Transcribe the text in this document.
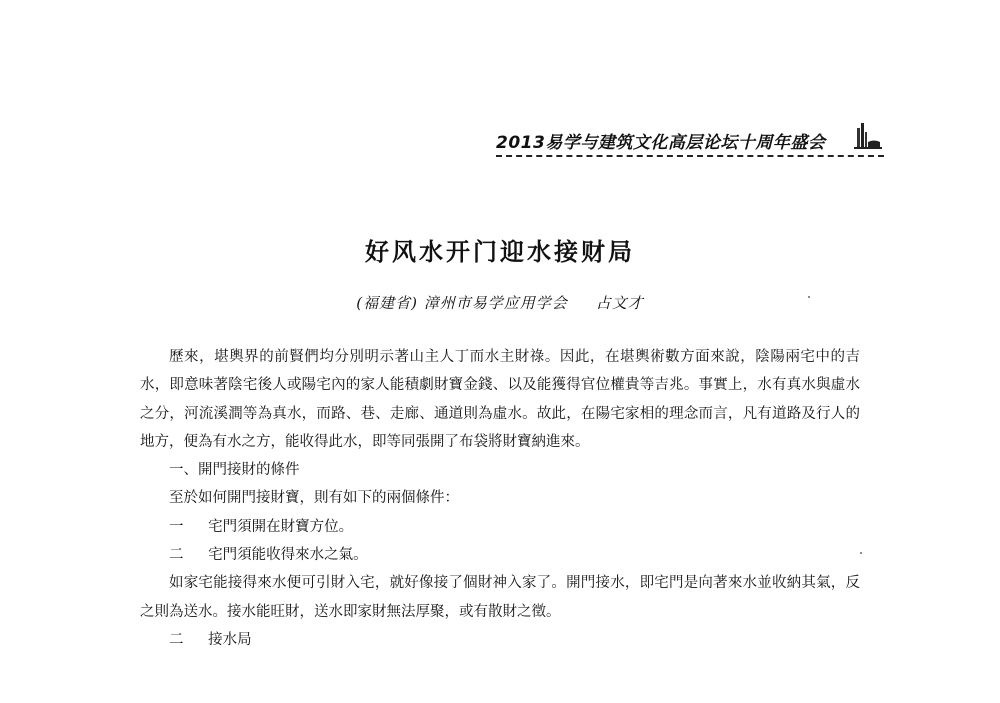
2013易学与建筑文化高层论坛十周年盛会
好风水开门迎水接财局
(福建省) 漳州市易学应用学会 占文才

歷來，堪輿界的前賢們均分別明示著山主人丁而水主財祿。因此，在堪輿術數方面來說，陰陽兩宅中的吉水，即意味著陰宅後人或陽宅內的家人能積劇財寶金錢、以及能獲得官位權貴等吉兆。事實上，水有真水與虛水之分，河流溪澗等為真水，而路、巷、走廊、通道則為虛水。故此，在陽宅家相的理念而言，凡有道路及行人的地方，便為有水之方，能收得此水，即等同張開了布袋將財寶納進來。

一、開門接財的條件

至於如何開門接財寶，則有如下的兩個條件：

一 宅門須開在財寶方位。

二 宅門須能收得來水之氣。

如家宅能接得來水便可引財入宅，就好像接了個財神入家了。開門接水，即宅門是向著來水並收納其氣，反之則為送水。接水能旺財，送水即家財無法厚聚，或有散財之徵。

二 接水局
